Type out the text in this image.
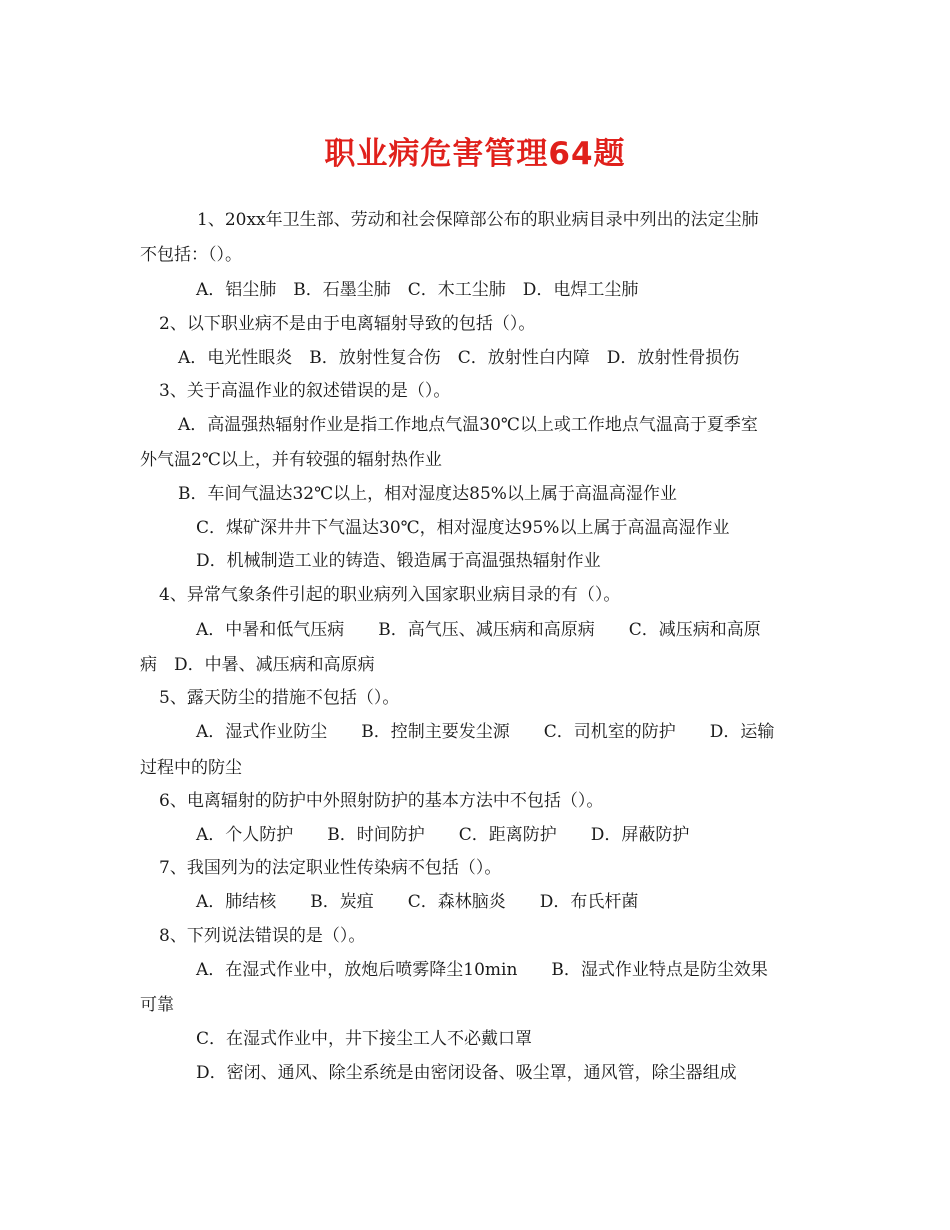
职业病危害管理64题

1、20xx年卫生部、劳动和社会保障部公布的职业病目录中列出的法定尘肺

不包括：（）。

A．铝尘肺　B．石墨尘肺　C．木工尘肺　D．电焊工尘肺

2、以下职业病不是由于电离辐射导致的包括（）。

A．电光性眼炎　B．放射性复合伤　C．放射性白内障　D．放射性骨损伤

3、关于高温作业的叙述错误的是（）。

A．高温强热辐射作业是指工作地点气温30℃以上或工作地点气温高于夏季室

外气温2℃以上，并有较强的辐射热作业

B．车间气温达32℃以上，相对湿度达85%以上属于高温高湿作业

C．煤矿深井井下气温达30℃，相对湿度达95%以上属于高温高湿作业

D．机械制造工业的铸造、锻造属于高温强热辐射作业

4、异常气象条件引起的职业病列入国家职业病目录的有（）。

A．中暑和低气压病　　B．高气压、减压病和高原病　　C．减压病和高原

病　D．中暑、减压病和高原病

5、露天防尘的措施不包括（）。

A．湿式作业防尘　　B．控制主要发尘源　　C．司机室的防护　　D．运输

过程中的防尘

6、电离辐射的防护中外照射防护的基本方法中不包括（）。

A．个人防护　　B．时间防护　　C．距离防护　　D．屏蔽防护

7、我国列为的法定职业性传染病不包括（）。

A．肺结核　　B．炭疽　　C．森林脑炎　　D．布氏杆菌

8、下列说法错误的是（）。

A．在湿式作业中，放炮后喷雾降尘10min　　B．湿式作业特点是防尘效果

可靠

C．在湿式作业中，井下接尘工人不必戴口罩

D．密闭、通风、除尘系统是由密闭设备、吸尘罩，通风管，除尘器组成
